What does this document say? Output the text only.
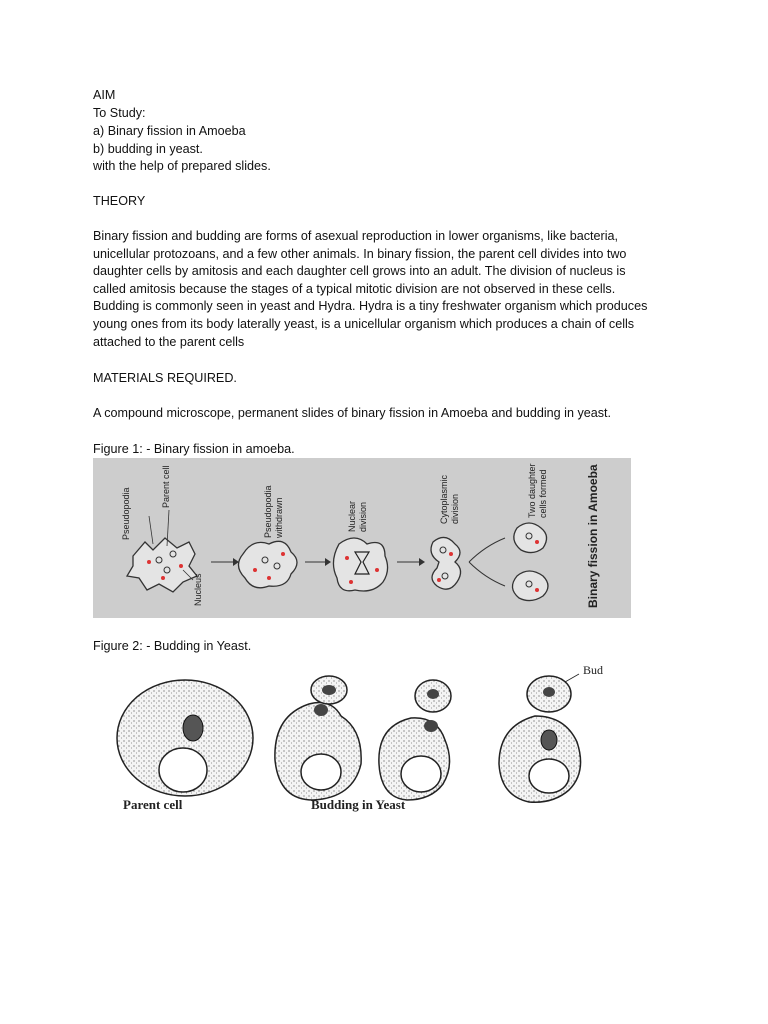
AIM
To Study:
a) Binary fission in Amoeba
b) budding in yeast.
with the help of prepared slides.
THEORY
Binary fission and budding are forms of asexual reproduction in lower organisms, like bacteria,
unicellular protozoans, and a few other animals. In binary fission, the parent cell divides into two
daughter cells by amitosis and each daughter cell grows into an adult. The division of nucleus is
called amitosis because the stages of a typical mitotic division are not observed in these cells.
Budding is commonly seen in yeast and Hydra. Hydra is a tiny freshwater organism which produces
young ones from its body laterally yeast, is a unicellular organism which produces a chain of cells
attached to the parent cells
MATERIALS REQUIRED.
A compound microscope, permanent slides of binary fission in Amoeba and budding in yeast.
Figure 1: - Binary fission in amoeba.
Pseudopodia
Parent cell
Nucleus
Pseudopodia withdrawn	Nuclear division	Cytoplasmic division	Two daughter cells formed	Binary fission in Amoeba
Figure 2: - Budding in Yeast.
Bud
Parent cell	Budding in Yeast
